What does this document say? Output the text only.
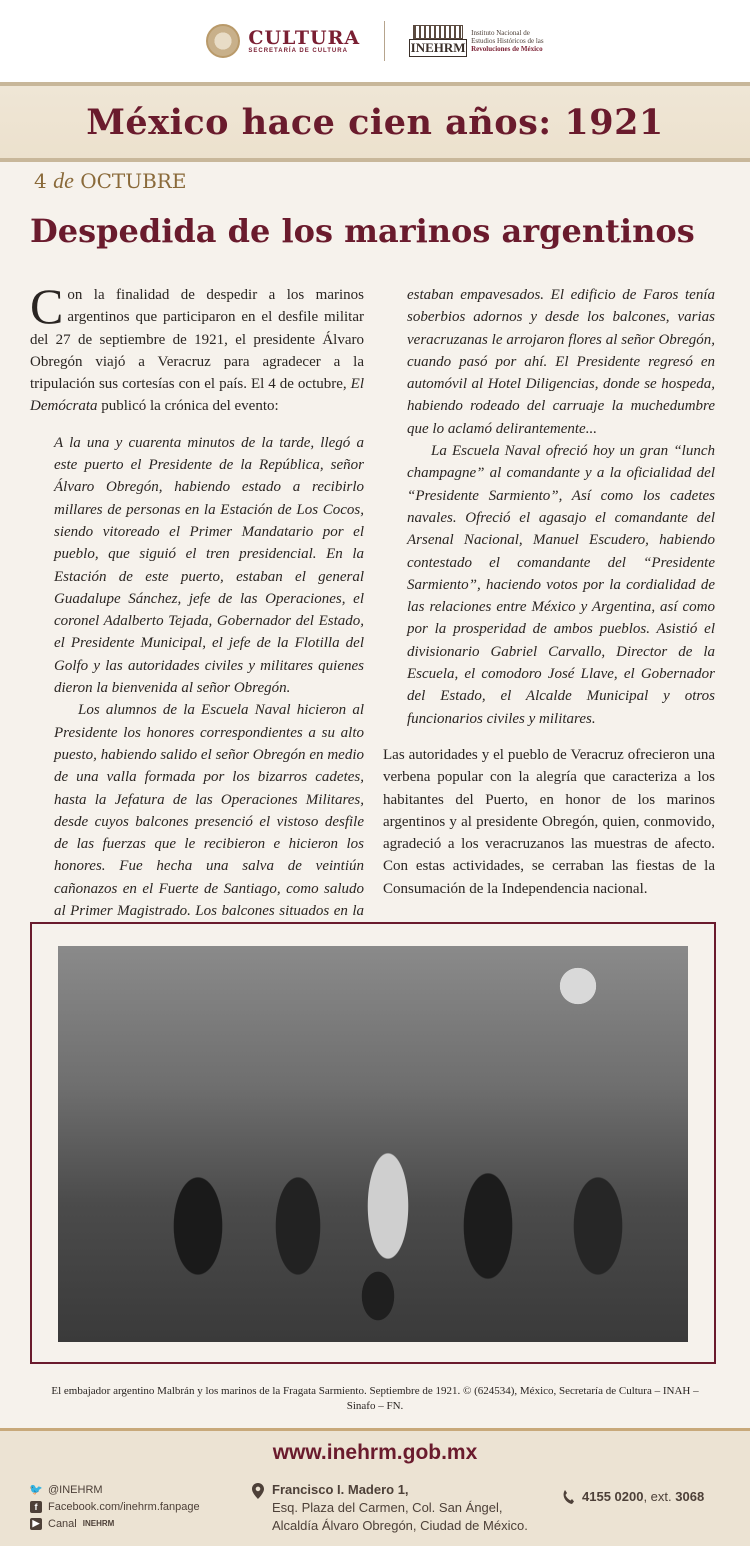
CULTURA
SECRETARÍA DE CULTURA	INEHRM
Instituto Nacional de
Estudios Históricos de las
Revoluciones de México
México hace cien años: 1921
4 de OCTUBRE
Despedida de los marinos argentinos

Con la finalidad de despedir a los marinos argentinos que participaron en el desfile militar del 27 de septiembre de 1921, el presidente Álvaro Obregón viajó a Veracruz para agradecer a la tripulación sus cortesías con el país. El 4 de octubre, El Demócrata publicó la crónica del evento:

A la una y cuarenta minutos de la tarde, llegó a este puerto el Presidente de la República, señor Álvaro Obregón, habiendo estado a recibirlo millares de personas en la Estación de Los Cocos, siendo vitoreado el Primer Mandatario por el pueblo, que siguió el tren presidencial. En la Estación de este puerto, estaban el general Guadalupe Sánchez, jefe de las Operaciones, el coronel Adalberto Tejada, Gobernador del Estado, el Presidente Municipal, el jefe de la Flotilla del Golfo y las autoridades civiles y militares quienes dieron la bienvenida al señor Obregón.

Los alumnos de la Escuela Naval hicieron al Presidente los honores correspondientes a su alto puesto, habiendo salido el señor Obregón en medio de una valla formada por los bizarros cadetes, hasta la Jefatura de las Operaciones Militares, desde cuyos balcones presenció el vistoso desfile de las fuerzas que le recibieron e hicieron los honores. Fue hecha una salva de veintiún cañonazos en el Fuerte de Santiago, como saludo al Primer Magistrado. Los balcones situados en la

estaban empavesados. El edificio de Faros tenía soberbios adornos y desde los balcones, varias veracruzanas le arrojaron flores al señor Obregón, cuando pasó por ahí. El Presidente regresó en automóvil al Hotel Diligencias, donde se hospeda, habiendo rodeado del carruaje la muchedumbre que lo aclamó delirantemente...

La Escuela Naval ofreció hoy un gran “lunch champagne” al comandante y a la oficialidad del “Presidente Sarmiento”, Así como los cadetes navales. Ofreció el agasajo el comandante del Arsenal Nacional, Manuel Escudero, habiendo contestado el comandante del “Presidente Sarmiento”, haciendo votos por la cordialidad de las relaciones entre México y Argentina, así como por la prosperidad de ambos pueblos. Asistió el divisionario Gabriel Carvallo, Director de la Escuela, el comodoro José Llave, el Gobernador del Estado, el Alcalde Municipal y otros funcionarios civiles y militares.

Las autoridades y el pueblo de Veracruz ofrecieron una verbena popular con la alegría que caracteriza a los habitantes del Puerto, en honor de los marinos argentinos y al presidente Obregón, quien, conmovido, agradeció a los veracruzanos las muestras de afecto. Con estas actividades, se cerraban las fiestas de la Consumación de la Independencia nacional.

El embajador argentino Malbrán y los marinos de la Fragata Sarmiento. Septiembre de 1921. © (624534), México, Secretaría de Cultura – INAH – Sinafo – FN.

www.inehrm.gob.mx
🐦 @INEHRM
f Facebook.com/inehrm.fanpage
▶ Canal INEHRM
Francisco I. Madero 1,
Esq. Plaza del Carmen, Col. San Ángel,
Alcaldía Álvaro Obregón, Ciudad de México.
4155 0200, ext. 3068
